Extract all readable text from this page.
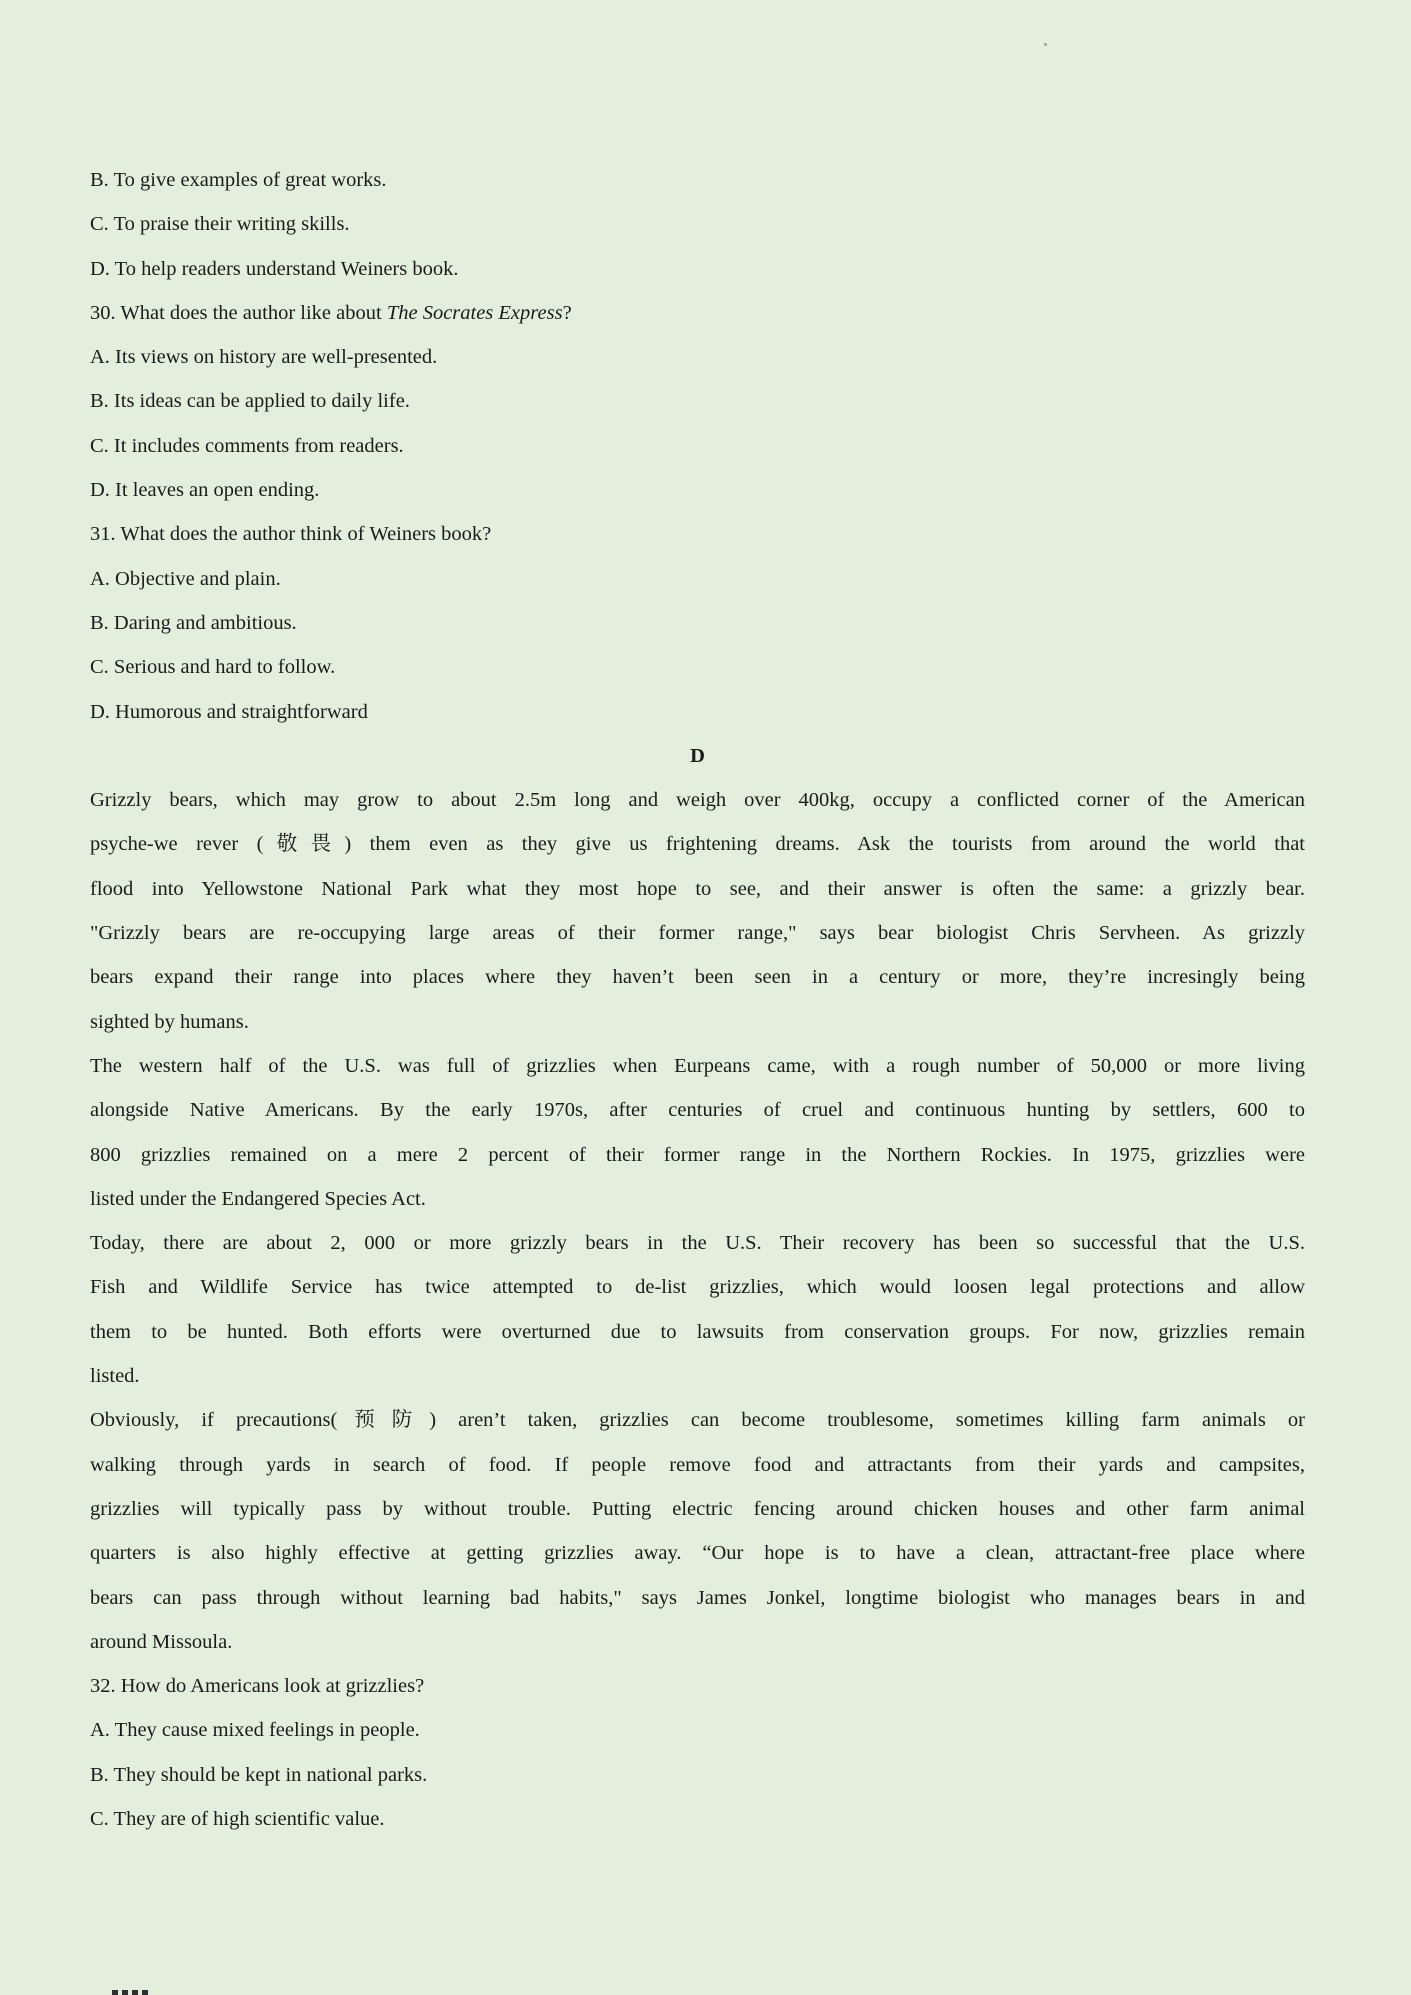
B. To give examples of great works.
C. To praise their writing skills.
D. To help readers understand Weiners book.
30. What does the author like about The Socrates Express?
A. Its views on history are well-presented.
B. Its ideas can be applied to daily life.
C. It includes comments from readers.
D. It leaves an open ending.
31. What does the author think of Weiners book?
A. Objective and plain.
B. Daring and ambitious.
C. Serious and hard to follow.
D. Humorous and straightforward
D
Grizzly bears, which may grow to about 2.5m long and weigh over 400kg, occupy a conflicted corner of the American
psyche-we rever (敬畏) them even as they give us frightening dreams. Ask the tourists from around the world that
flood into Yellowstone National Park what they most hope to see, and their answer is often the same: a grizzly bear.
"Grizzly bears are re-occupying large areas of their former range," says bear biologist Chris Servheen. As grizzly
bears expand their range into places where they haven’t been seen in a century or more, they’re incresingly being
sighted by humans.
The western half of the U.S. was full of grizzlies when Eurpeans came, with a rough number of 50,000 or more living
alongside Native Americans. By the early 1970s, after centuries of cruel and continuous hunting by settlers, 600 to
800 grizzlies remained on a mere 2 percent of their former range in the Northern Rockies. In 1975, grizzlies were
listed under the Endangered Species Act.
Today, there are about 2, 000 or more grizzly bears in the U.S. Their recovery has been so successful that the U.S.
Fish and Wildlife Service has twice attempted to de-list grizzlies, which would loosen legal protections and allow
them to be hunted. Both efforts were overturned due to lawsuits from conservation groups. For now, grizzlies remain
listed.
Obviously, if precautions(预防) aren’t taken, grizzlies can become troublesome, sometimes killing farm animals or
walking through yards in search of food. If people remove food and attractants from their yards and campsites,
grizzlies will typically pass by without trouble. Putting electric fencing around chicken houses and other farm animal
quarters is also highly effective at getting grizzlies away. “Our hope is to have a clean, attractant-free place where
bears can pass through without learning bad habits," says James Jonkel, longtime biologist who manages bears in and
around Missoula.
32. How do Americans look at grizzlies?
A. They cause mixed feelings in people.
B. They should be kept in national parks.
C. They are of high scientific value.
